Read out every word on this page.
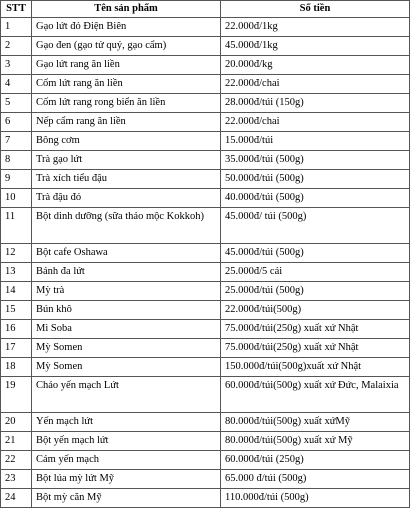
STT	Tên sản phẩm	Số tiền
1	Gạo lứt đỏ Điện Biên	22.000đ/1kg
2	Gạo đen (gạo tử quý, gạo cẩm)	45.000đ/1kg
3	Gạo lứt rang ăn liền	20.000đ/kg
4	Cốm lứt rang ăn liền	22.000đ/chai
5	Cốm lứt rang rong biển ăn liền	28.000đ/túi (150g)
6	Nếp cẩm rang ăn liền	22.000đ/chai
7	Bông cơm	15.000đ/túi
8	Trà gạo lứt	35.000đ/túi (500g)
9	Trà xích tiểu đậu	50.000đ/túi (500g)
10	Trà đậu đỏ	40.000đ/túi (500g)
11	Bột dinh dưỡng (sữa thảo mộc Kokkoh)	45.000đ/ túi (500g)
12	Bột cafe Oshawa	45.000đ/túi (500g)
13	Bánh đa lứt	25.000đ/5 cái
14	Mỳ trà	25.000đ/túi (500g)
15	Bún khô	22.000đ/túi(500g)
16	Mì Soba	75.000đ/túi(250g) xuất xứ Nhật
17	Mỳ Somen	75.000đ/túi(250g) xuất xứ Nhật
18	Mỳ Somen	150.000đ/túi(500g)xuất xứ Nhật
19	Cháo yến mạch Lứt	60.000đ/túi(500g) xuất xứ Đức, Malaixia
20	Yến mạch lứt	80.000đ/túi(500g) xuất xứMỹ
21	Bột yến mạch lứt	80.000đ/túi(500g) xuất xứ Mỹ
22	Cám yến mạch	60.000đ/túi (250g)
23	Bột lúa mỳ lứt Mỹ	65.000 đ/túi (500g)
24	Bột mỳ căn Mỹ	110.000đ/túi (500g)
